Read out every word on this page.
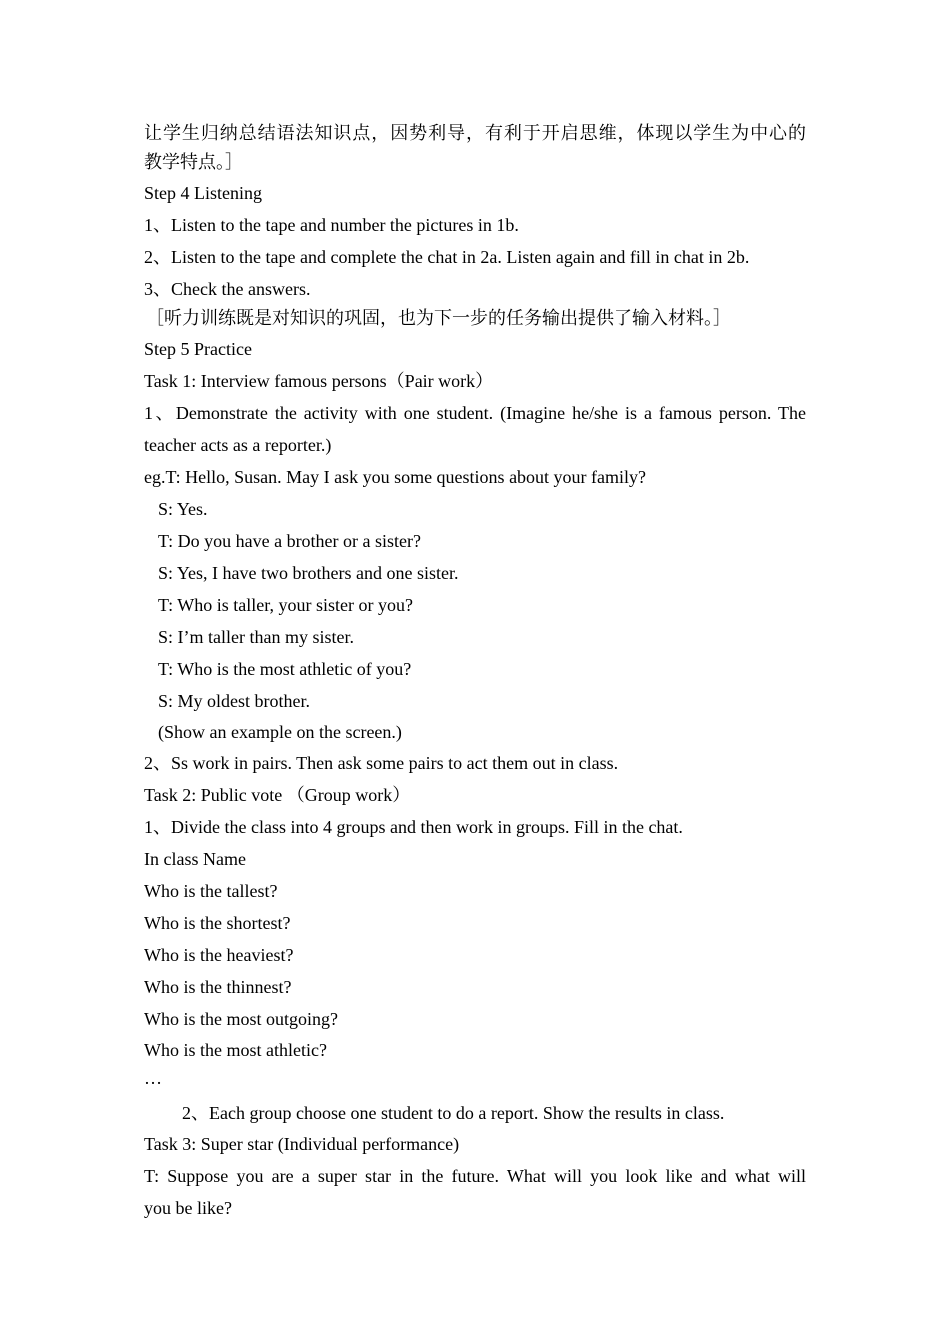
让学生归纳总结语法知识点，因势利导，有利于开启思维，体现以学生为中心的
教学特点。］
Step 4 Listening
1、Listen to the tape and number the pictures in 1b.
2、Listen to the tape and complete the chat in 2a. Listen again and fill in chat in 2b.
3、Check the answers.
［听力训练既是对知识的巩固，也为下一步的任务输出提供了输入材料。］
Step 5 Practice
Task 1: Interview famous persons（Pair work）
1、Demonstrate the activity with one student. (Imagine he/she is a famous person. The
teacher acts as a reporter.)
eg.T: Hello, Susan. May I ask you some questions about your family?
S: Yes.
T: Do you have a brother or a sister?
S: Yes, I have two brothers and one sister.
T: Who is taller, your sister or you?
S: I’m taller than my sister.
T: Who is the most athletic of you?
S: My oldest brother.
(Show an example on the screen.)
2、Ss work in pairs. Then ask some pairs to act them out in class.
Task 2: Public vote （Group work）
1、Divide the class into 4 groups and then work in groups. Fill in the chat.
In class Name
Who is the tallest?
Who is the shortest?
Who is the heaviest?
Who is the thinnest?
Who is the most outgoing?
Who is the most athletic?
…
2、Each group choose one student to do a report. Show the results in class.
Task 3: Super star (Individual performance)
T: Suppose you are a super star in the future. What will you look like and what will
you be like?
